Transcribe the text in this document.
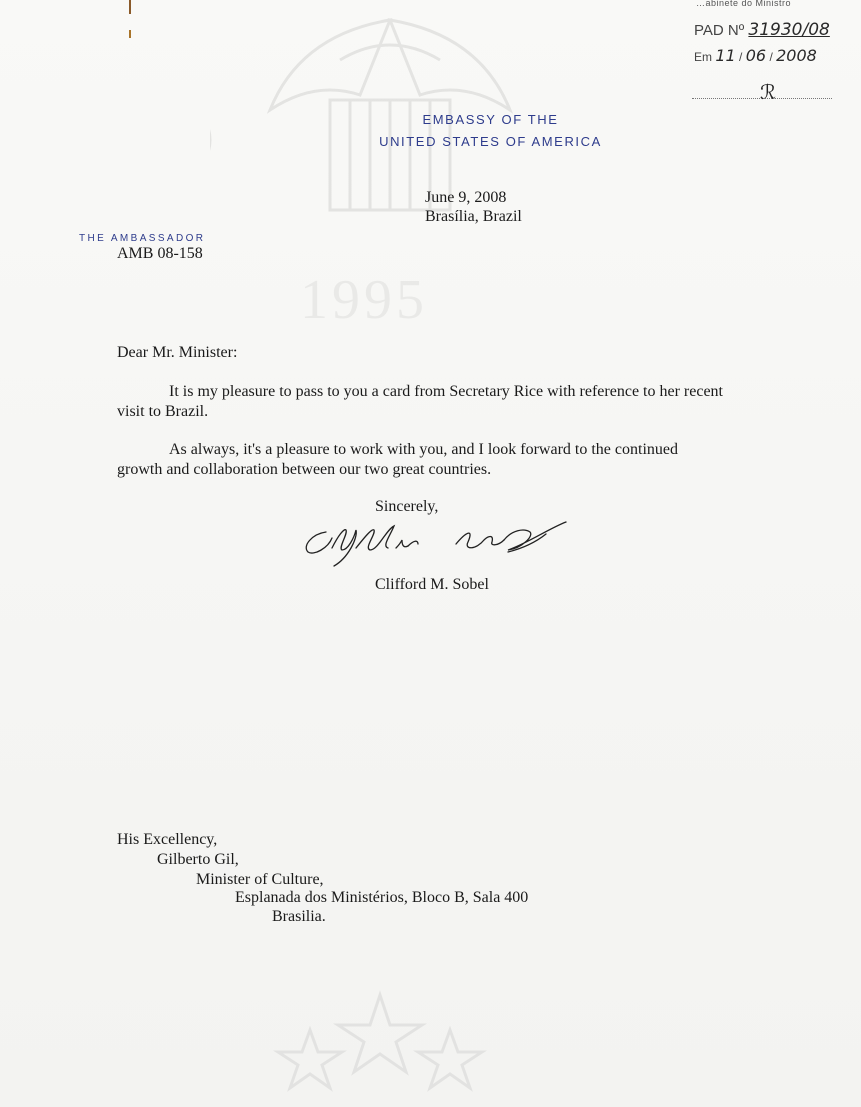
1995
EMBASSY OF THE
UNITED STATES OF AMERICA
June 9, 2008
Brasília, Brazil
THE AMBASSADOR
AMB 08-158
Dear Mr. Minister:
It is my pleasure to pass to you a card from Secretary Rice with reference to her recent visit to Brazil.
As always, it's a pleasure to work with you, and I look forward to the continued growth and collaboration between our two great countries.
Sincerely,
Clifford M. Sobel
His Excellency,
Gilberto Gil,
Minister of Culture,
Esplanada dos Ministérios, Bloco B, Sala 400
Brasilia.
…abinete do Ministro
PAD Nº 31930/08
Em 11 / 06 / 2008
ℛ
